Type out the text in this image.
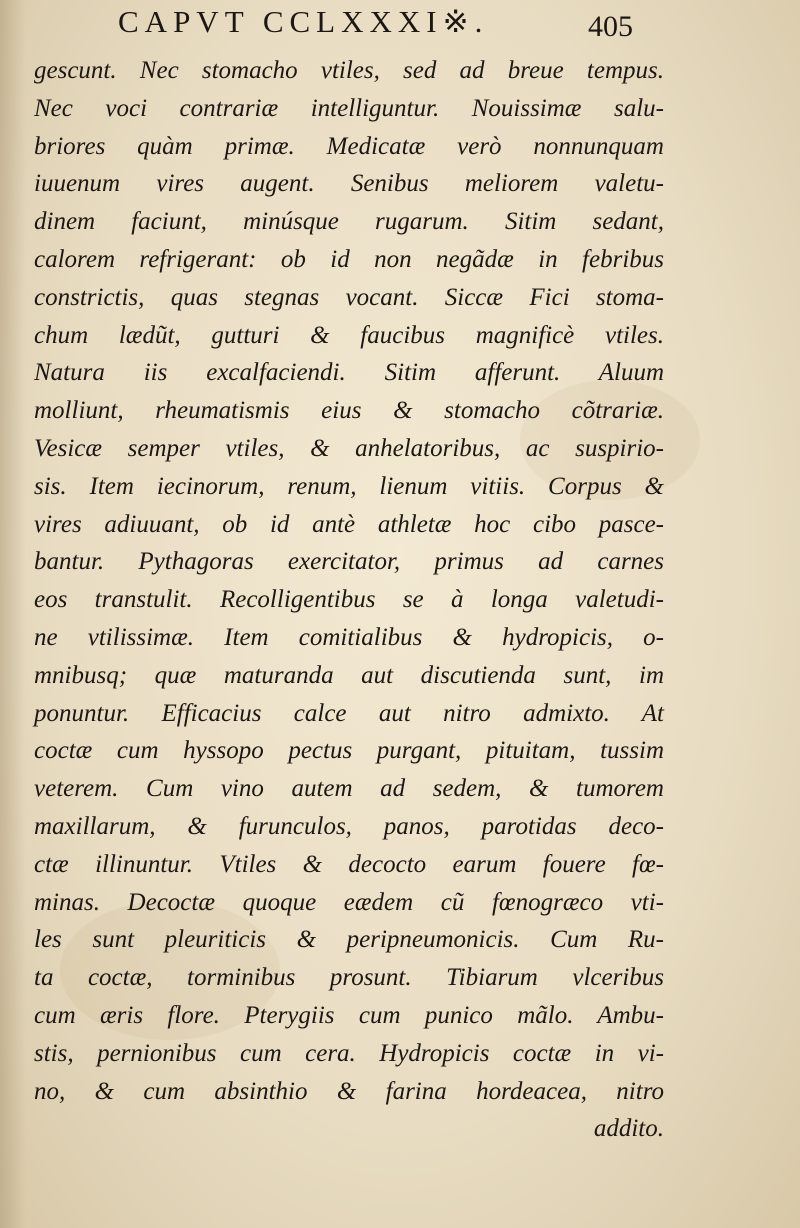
CAPVT CCLXXXI※.	405
gescunt. Nec stomacho vtiles, sed ad breue tempus.
Nec voci contrariæ intelliguntur. Nouissimæ salu-
briores quàm primæ. Medicatæ verò nonnunquam
iuuenum vires augent. Senibus meliorem valetu-
dinem faciunt, minúsque rugarum. Sitim sedant,
calorem refrigerant: ob id non negãdæ in febribus
constrictis, quas stegnas vocant. Siccæ Fici stoma-
chum lædũt, gutturi & faucibus magnificè vtiles.
Natura iis excalfaciendi. Sitim afferunt. Aluum
molliunt, rheumatismis eius & stomacho cõtrariæ.
Vesicæ semper vtiles, & anhelatoribus, ac suspirio-
sis. Item iecinorum, renum, lienum vitiis. Corpus &
vires adiuuant, ob id antè athletæ hoc cibo pasce-
bantur. Pythagoras exercitator, primus ad carnes
eos transtulit. Recolligentibus se à longa valetudi-
ne vtilissimæ. Item comitialibus & hydropicis, o-
mnibusq; quæ maturanda aut discutienda sunt, im
ponuntur. Efficacius calce aut nitro admixto. At
coctæ cum hyssopo pectus purgant, pituitam, tussim
veterem. Cum vino autem ad sedem, & tumorem
maxillarum, & furunculos, panos, parotidas deco-
ctæ illinuntur. Vtiles & decocto earum fouere fœ-
minas. Decoctæ quoque eædem cũ fœnogræco vti-
les sunt pleuriticis & peripneumonicis. Cum Ru-
ta coctæ, torminibus prosunt. Tibiarum vlceribus
cum æris flore. Pterygiis cum punico mãlo. Ambu-
stis, pernionibus cum cera. Hydropicis coctæ in vi-
no, & cum absinthio & farina hordeacea, nitro
addito.
